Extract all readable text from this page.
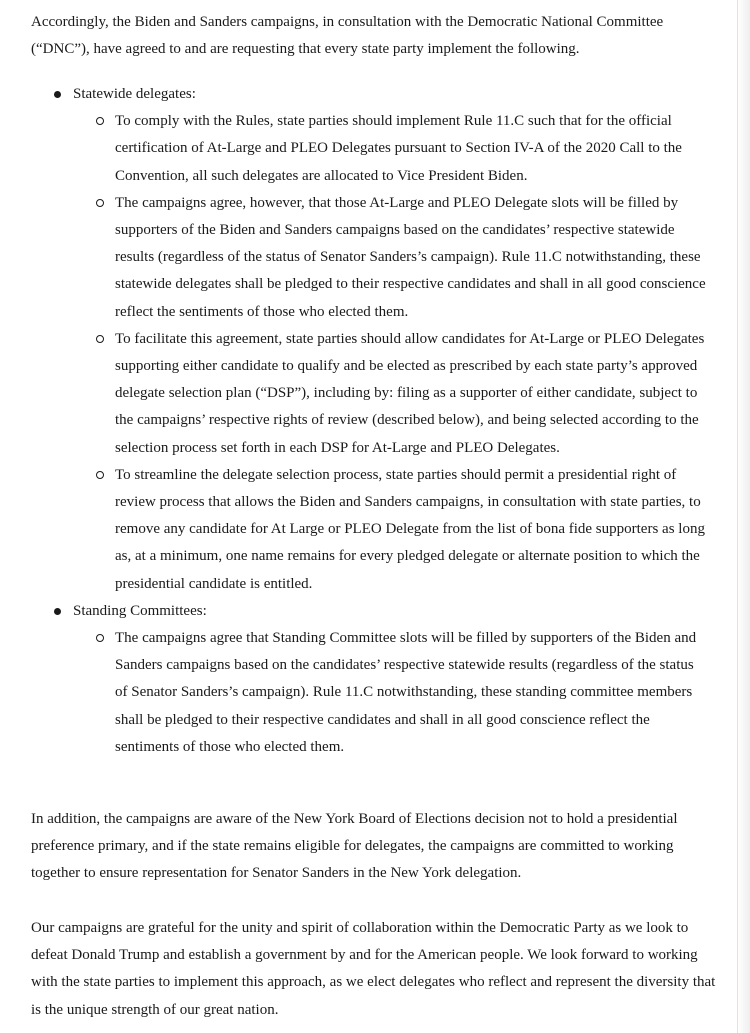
Accordingly, the Biden and Sanders campaigns, in consultation with the Democratic National Committee (“DNC”), have agreed to and are requesting that every state party implement the following.

Statewide delegates:
To comply with the Rules, state parties should implement Rule 11.C such that for the official certification of At-Large and PLEO Delegates pursuant to Section IV-A of the 2020 Call to the Convention, all such delegates are allocated to Vice President Biden.
The campaigns agree, however, that those At-Large and PLEO Delegate slots will be filled by supporters of the Biden and Sanders campaigns based on the candidates’ respective statewide results (regardless of the status of Senator Sanders’s campaign). Rule 11.C notwithstanding, these statewide delegates shall be pledged to their respective candidates and shall in all good conscience reflect the sentiments of those who elected them.
To facilitate this agreement, state parties should allow candidates for At-Large or PLEO Delegates supporting either candidate to qualify and be elected as prescribed by each state party’s approved delegate selection plan (“DSP”), including by: filing as a supporter of either candidate, subject to the campaigns’ respective rights of review (described below), and being selected according to the selection process set forth in each DSP for At-Large and PLEO Delegates.
To streamline the delegate selection process, state parties should permit a presidential right of review process that allows the Biden and Sanders campaigns, in consultation with state parties, to remove any candidate for At Large or PLEO Delegate from the list of bona fide supporters as long as, at a minimum, one name remains for every pledged delegate or alternate position to which the presidential candidate is entitled.
Standing Committees:
The campaigns agree that Standing Committee slots will be filled by supporters of the Biden and Sanders campaigns based on the candidates’ respective statewide results (regardless of the status of Senator Sanders’s campaign). Rule 11.C notwithstanding, these standing committee members shall be pledged to their respective candidates and shall in all good conscience reflect the sentiments of those who elected them.

In addition, the campaigns are aware of the New York Board of Elections decision not to hold a presidential preference primary, and if the state remains eligible for delegates, the campaigns are committed to working together to ensure representation for Senator Sanders in the New York delegation.

Our campaigns are grateful for the unity and spirit of collaboration within the Democratic Party as we look to defeat Donald Trump and establish a government by and for the American people. We look forward to working with the state parties to implement this approach, as we elect delegates who reflect and represent the diversity that is the unique strength of our great nation.
